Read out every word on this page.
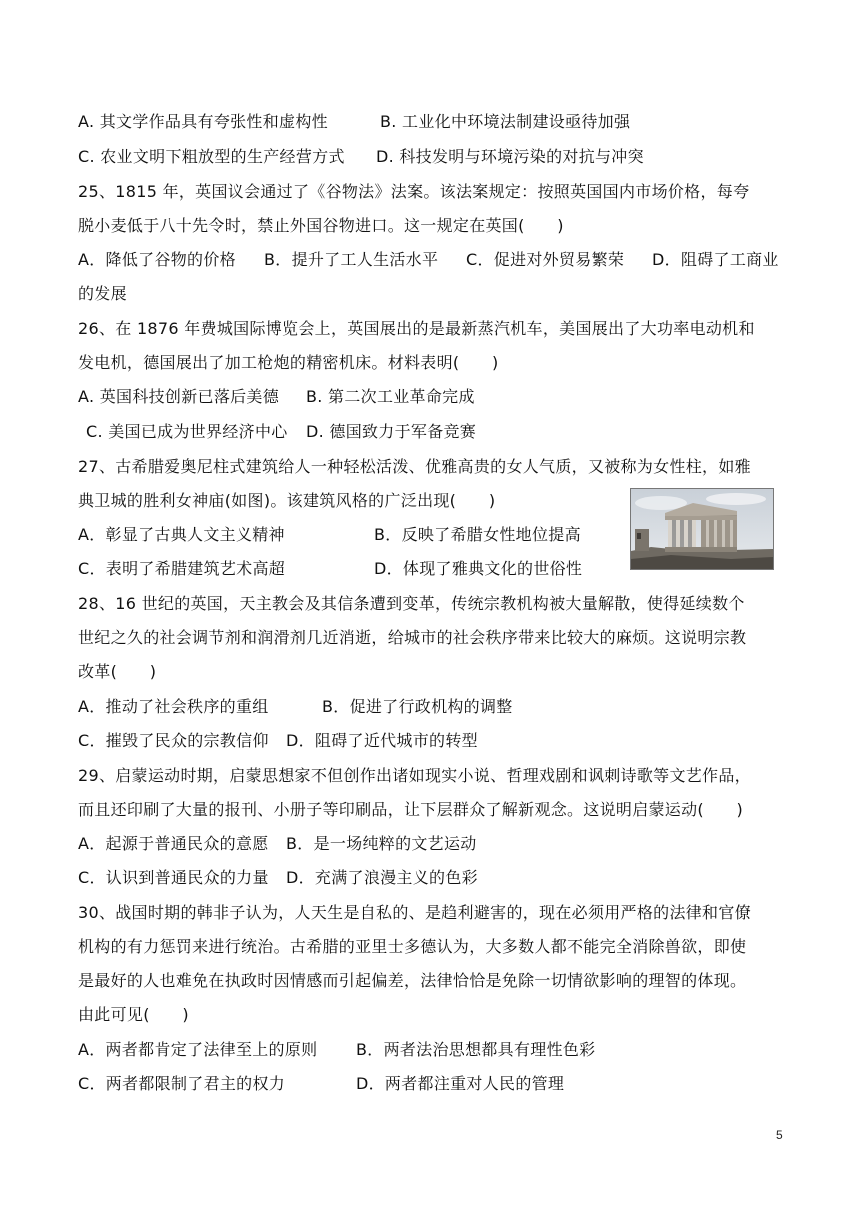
A. 其文学作品具有夸张性和虚构性	B. 工业化中环境法制建设亟待加强
C. 农业文明下粗放型的生产经营方式 D. 科技发明与环境污染的对抗与冲突
25、1815 年，英国议会通过了《谷物法》法案。该法案规定：按照英国国内市场价格，每夸
脱小麦低于八十先令时，禁止外国谷物进口。这一规定在英国(　　)
A．降低了谷物的价格 B．提升了工人生活水平 C．促进对外贸易繁荣 D．阻碍了工商业
的发展
26、在 1876 年费城国际博览会上，英国展出的是最新蒸汽机车，美国展出了大功率电动机和
发电机，德国展出了加工枪炮的精密机床。材料表明(　　)
A. 英国科技创新已落后美德 B. 第二次工业革命完成
C. 美国已成为世界经济中心 D. 德国致力于军备竞赛
27、古希腊爱奥尼柱式建筑给人一种轻松活泼、优雅高贵的女人气质，又被称为女性柱，如雅
典卫城的胜利女神庙(如图)。该建筑风格的广泛出现(　　)
A．彰显了古典人文主义精神	B．反映了希腊女性地位提高
C．表明了希腊建筑艺术高超	D．体现了雅典文化的世俗性
28、16 世纪的英国，天主教会及其信条遭到变革，传统宗教机构被大量解散，使得延续数个
世纪之久的社会调节剂和润滑剂几近消逝，给城市的社会秩序带来比较大的麻烦。这说明宗教
改革(　　)
A．推动了社会秩序的重组	B．促进了行政机构的调整
C．摧毁了民众的宗教信仰 D．阻碍了近代城市的转型
29、启蒙运动时期，启蒙思想家不但创作出诸如现实小说、哲理戏剧和讽刺诗歌等文艺作品，
而且还印刷了大量的报刊、小册子等印刷品，让下层群众了解新观念。这说明启蒙运动(　　)
A．起源于普通民众的意愿 B．是一场纯粹的文艺运动
C．认识到普通民众的力量 D．充满了浪漫主义的色彩
30、战国时期的韩非子认为，人天生是自私的、是趋利避害的，现在必须用严格的法律和官僚
机构的有力惩罚来进行统治。古希腊的亚里士多德认为，大多数人都不能完全消除兽欲，即使
是最好的人也难免在执政时因情感而引起偏差，法律恰恰是免除一切情欲影响的理智的体现。
由此可见(　　)
A．两者都肯定了法律至上的原则 B．两者法治思想都具有理性色彩
C．两者都限制了君主的权力	D．两者都注重对人民的管理
5
